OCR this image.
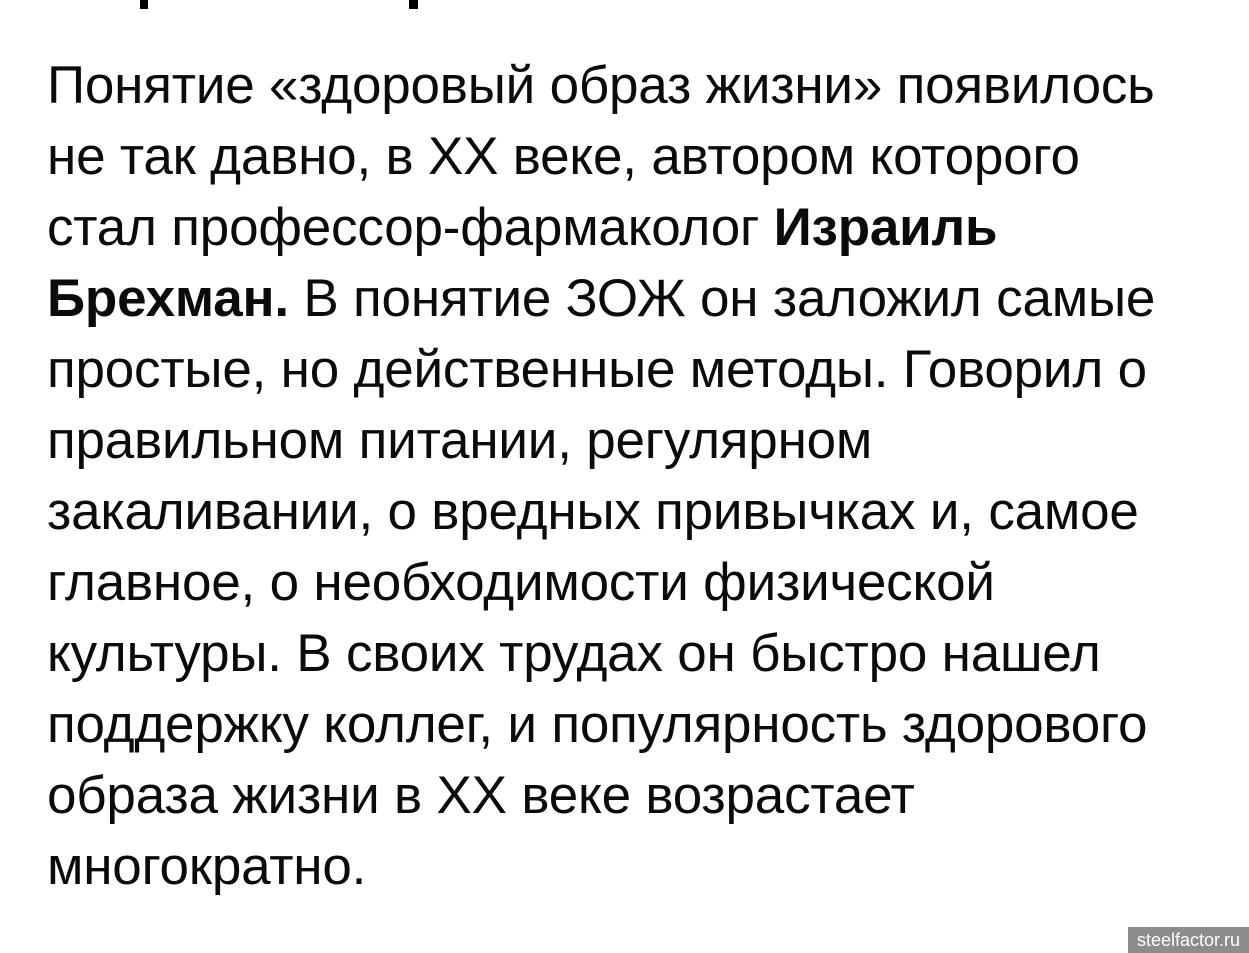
Понятие «здоровый образ жизни» появилось
не так давно, в XX веке, автором которого
стал профессор-фармаколог Израиль
Брехман. В понятие ЗОЖ он заложил самые
простые, но действенные методы. Говорил о
правильном питании, регулярном
закаливании, о вредных привычках и, самое
главное, о необходимости физической
культуры. В своих трудах он быстро нашел
поддержку коллег, и популярность здорового
образа жизни в XX веке возрастает
многократно.
steelfactor.ru
